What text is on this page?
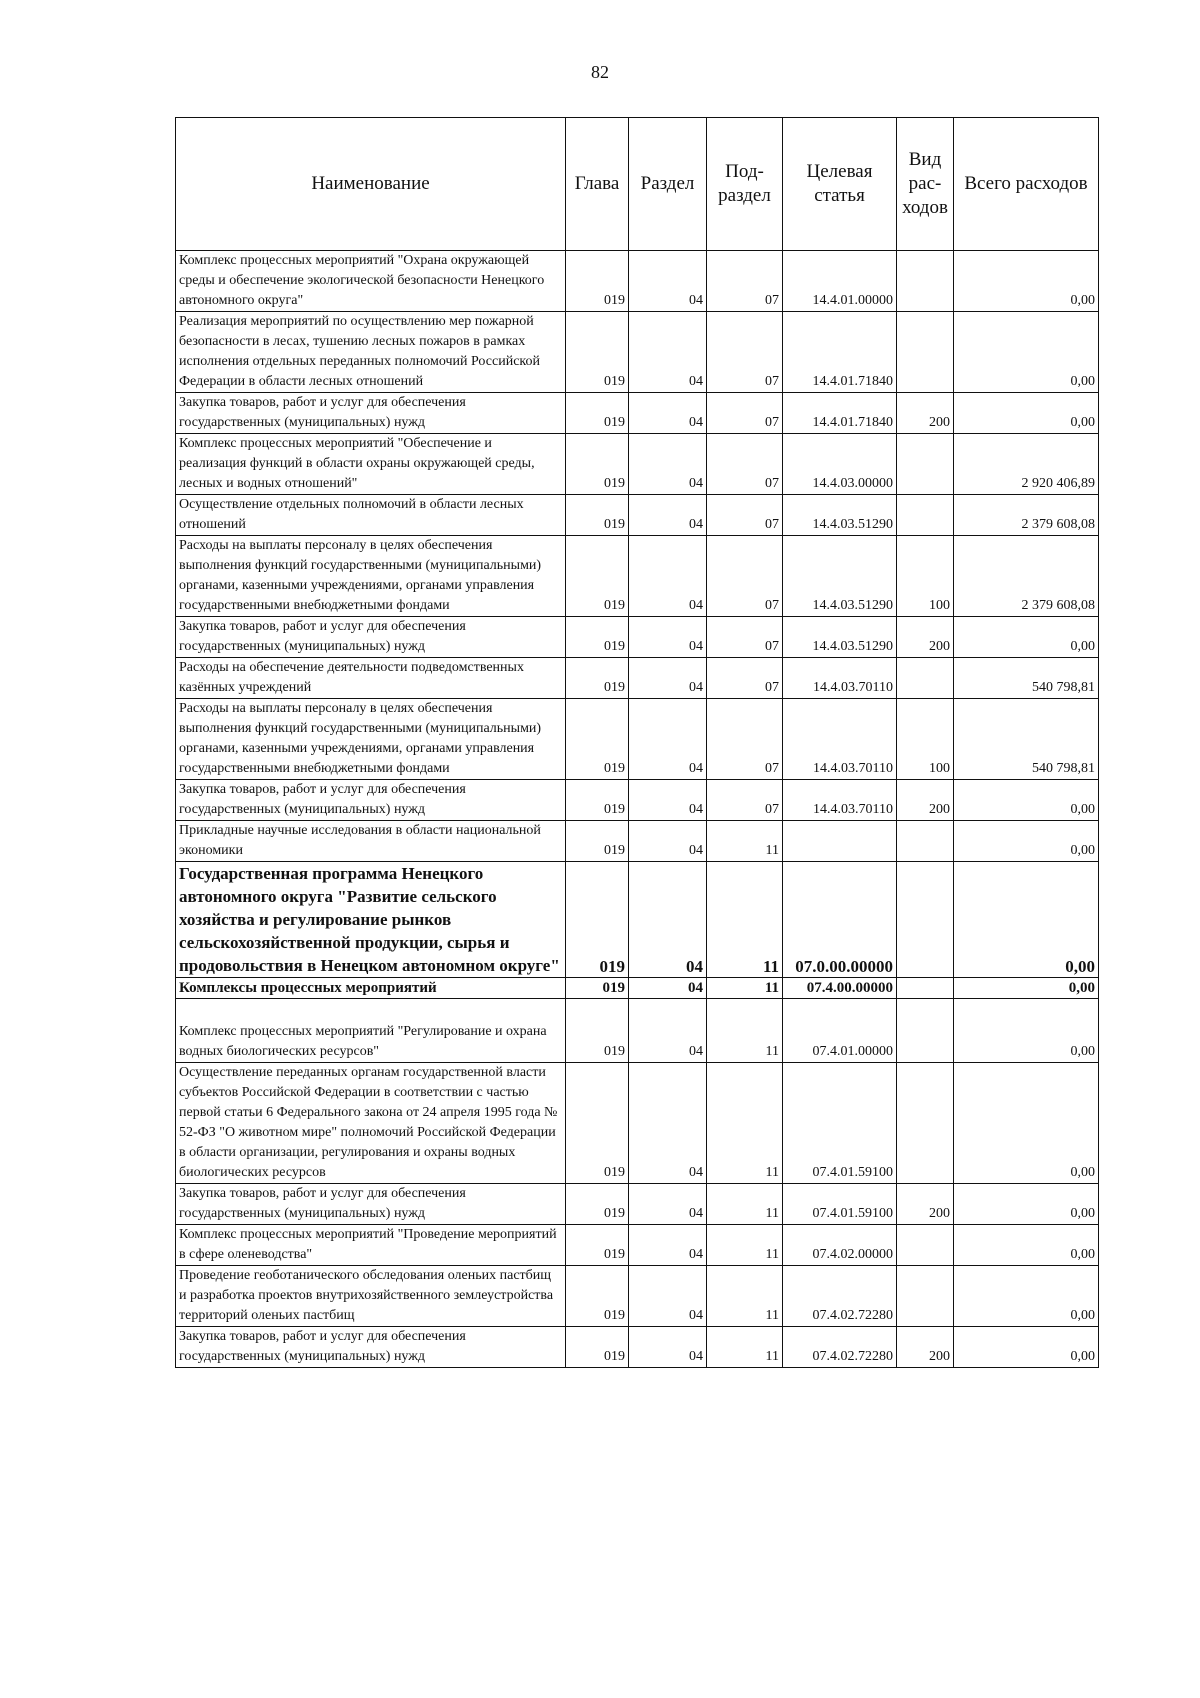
82
Наименование	Глава	Раздел	Под-раздел	Целевая статья	Вид рас-ходов	Всего расходов
Комплекс процессных мероприятий "Охрана окружающей среды и обеспечение экологической безопасности Ненецкого автономного округа"	019	04	07	14.4.01.00000		0,00
Реализация мероприятий по осуществлению мер пожарной безопасности в лесах, тушению лесных пожаров в рамках исполнения отдельных переданных полномочий Российской Федерации в области лесных отношений	019	04	07	14.4.01.71840		0,00
Закупка товаров, работ и услуг для обеспечения государственных (муниципальных) нужд	019	04	07	14.4.01.71840	200	0,00
Комплекс процессных мероприятий "Обеспечение и реализация функций в области охраны окружающей среды, лесных и водных отношений"	019	04	07	14.4.03.00000		2 920 406,89
Осуществление отдельных полномочий в области лесных отношений	019	04	07	14.4.03.51290		2 379 608,08
Расходы на выплаты персоналу в целях обеспечения выполнения функций государственными (муниципальными) органами, казенными учреждениями, органами управления государственными внебюджетными фондами	019	04	07	14.4.03.51290	100	2 379 608,08
Закупка товаров, работ и услуг для обеспечения государственных (муниципальных) нужд	019	04	07	14.4.03.51290	200	0,00
Расходы на обеспечение деятельности подведомственных казённых учреждений	019	04	07	14.4.03.70110		540 798,81
Расходы на выплаты персоналу в целях обеспечения выполнения функций государственными (муниципальными) органами, казенными учреждениями, органами управления государственными внебюджетными фондами	019	04	07	14.4.03.70110	100	540 798,81
Закупка товаров, работ и услуг для обеспечения государственных (муниципальных) нужд	019	04	07	14.4.03.70110	200	0,00
Прикладные научные исследования в области национальной экономики	019	04	11			0,00
Государственная программа Ненецкого автономного округа "Развитие сельского хозяйства и регулирование рынков сельскохозяйственной продукции, сырья и продовольствия в Ненецком автономном округе"	019	04	11	07.0.00.00000		0,00
Комплексы процессных мероприятий	019	04	11	07.4.00.00000		0,00
Комплекс процессных мероприятий "Регулирование и охрана водных биологических ресурсов"	019	04	11	07.4.01.00000		0,00
Осуществление переданных органам государственной власти субъектов Российской Федерации в соответствии с частью первой статьи 6 Федерального закона от 24 апреля 1995 года № 52-ФЗ "О животном мире" полномочий Российской Федерации в области организации, регулирования и охраны водных биологических ресурсов	019	04	11	07.4.01.59100		0,00
Закупка товаров, работ и услуг для обеспечения государственных (муниципальных) нужд	019	04	11	07.4.01.59100	200	0,00
Комплекс процессных мероприятий "Проведение мероприятий в сфере оленеводства"	019	04	11	07.4.02.00000		0,00
Проведение геоботанического обследования оленьих пастбищ и разработка проектов внутрихозяйственного землеустройства территорий оленьих пастбищ	019	04	11	07.4.02.72280		0,00
Закупка товаров, работ и услуг для обеспечения государственных (муниципальных) нужд	019	04	11	07.4.02.72280	200	0,00
